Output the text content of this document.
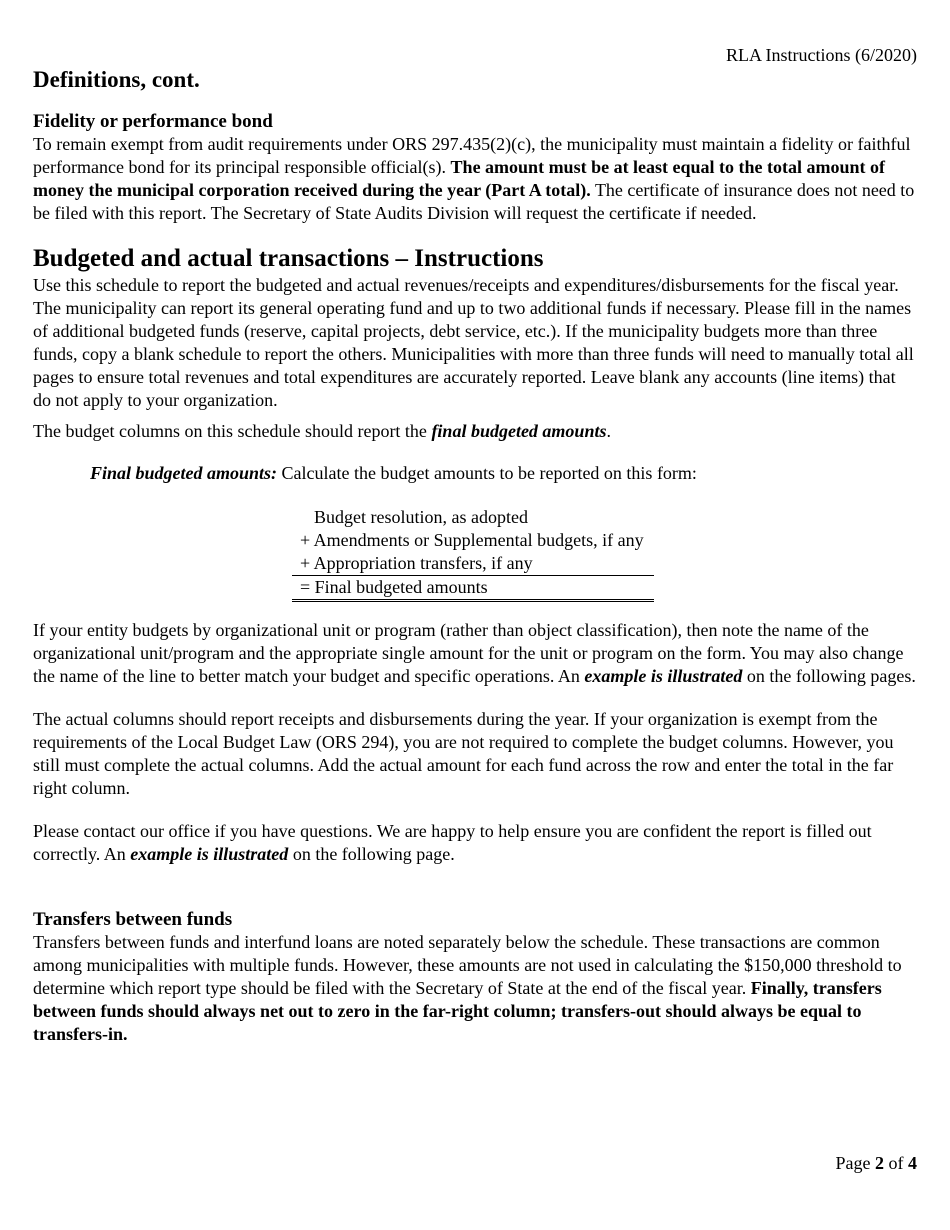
RLA Instructions (6/2020)
Definitions, cont.
Fidelity or performance bond

To remain exempt from audit requirements under ORS 297.435(2)(c), the municipality must maintain a fidelity or faithful performance bond for its principal responsible official(s). The amount must be at least equal to the total amount of money the municipal corporation received during the year (Part A total). The certificate of insurance does not need to be filed with this report. The Secretary of State Audits Division will request the certificate if needed.

Budgeted and actual transactions – Instructions

Use this schedule to report the budgeted and actual revenues/receipts and expenditures/disbursements for the fiscal year. The municipality can report its general operating fund and up to two additional funds if necessary. Please fill in the names of additional budgeted funds (reserve, capital projects, debt service, etc.). If the municipality budgets more than three funds, copy a blank schedule to report the others. Municipalities with more than three funds will need to manually total all pages to ensure total revenues and total expenditures are accurately reported. Leave blank any accounts (line items) that do not apply to your organization.

The budget columns on this schedule should report the final budgeted amounts.

Final budgeted amounts: Calculate the budget amounts to be reported on this form:

Budget resolution, as adopted
+ Amendments or Supplemental budgets, if any
+ Appropriation transfers, if any
= Final budgeted amounts

If your entity budgets by organizational unit or program (rather than object classification), then note the name of the organizational unit/program and the appropriate single amount for the unit or program on the form. You may also change the name of the line to better match your budget and specific operations. An example is illustrated on the following pages.

The actual columns should report receipts and disbursements during the year. If your organization is exempt from the requirements of the Local Budget Law (ORS 294), you are not required to complete the budget columns. However, you still must complete the actual columns. Add the actual amount for each fund across the row and enter the total in the far right column.

Please contact our office if you have questions. We are happy to help ensure you are confident the report is filled out correctly. An example is illustrated on the following page.

Transfers between funds

Transfers between funds and interfund loans are noted separately below the schedule. These transactions are common among municipalities with multiple funds. However, these amounts are not used in calculating the $150,000 threshold to determine which report type should be filed with the Secretary of State at the end of the fiscal year. Finally, transfers between funds should always net out to zero in the far-right column; transfers-out should always be equal to transfers-in.

Page 2 of 4
